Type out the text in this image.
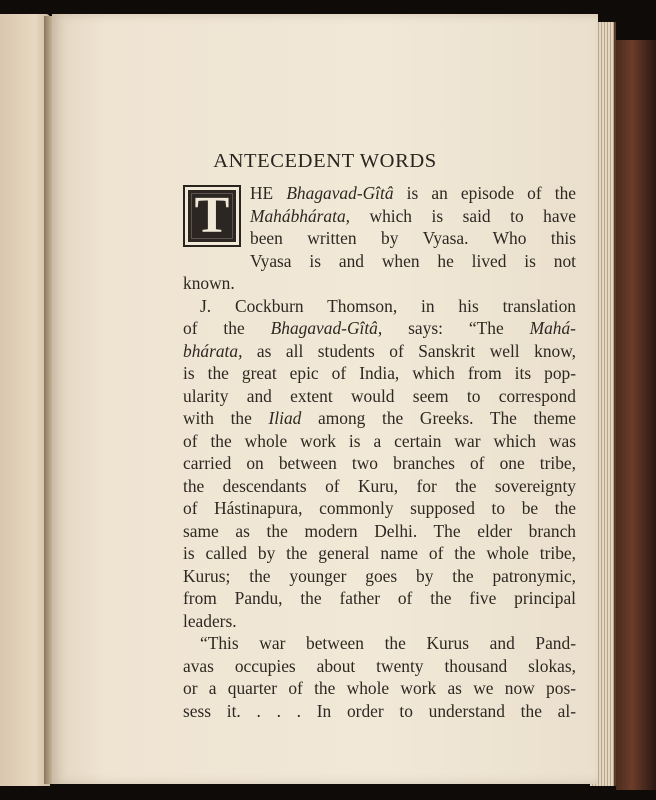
ANTECEDENT WORDS
T	HE Bhagavad-Gîtâ is an episode of the
Mahábhárata, which is said to have
been written by Vyasa. Who this
Vyasa is and when he lived is not
known.
J. Cockburn Thomson, in his translation
of the Bhagavad-Gîtâ, says: “The Mahá-
bhárata, as all students of Sanskrit well know,
is the great epic of India, which from its pop-
ularity and extent would seem to correspond
with the Iliad among the Greeks. The theme
of the whole work is a certain war which was
carried on between two branches of one tribe,
the descendants of Kuru, for the sovereignty
of Hástinapura, commonly supposed to be the
same as the modern Delhi. The elder branch
is called by the general name of the whole tribe,
Kurus; the younger goes by the patronymic,
from Pandu, the father of the five principal
leaders.
“This war between the Kurus and Pand-
avas occupies about twenty thousand slokas,
or a quarter of the whole work as we now pos-
sess it. . . . In order to understand the al-
